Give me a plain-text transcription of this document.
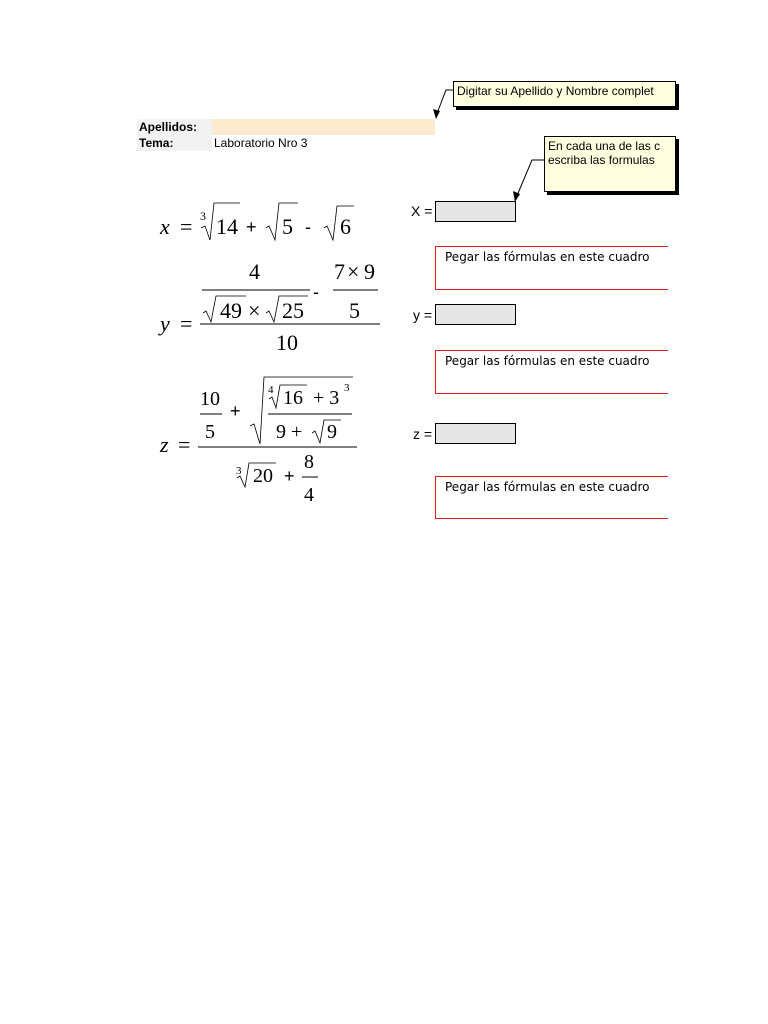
Apellidos:
Tema:	Laboratorio Nro 3
Digitar su Apellido y Nombre complet
En cada una de las c
escriba las formulas
X =
Pegar las fórmulas en este cuadro
y =
Pegar las fórmulas en este cuadro
z =
Pegar las fórmulas en este cuadro
x = 3 14 + 5 - 6
y =
4
49 × 25
-
7 × 9
5
10
z =
10
5
+
4 16 + 3 3
9 + 9
3 20 +
8
4
